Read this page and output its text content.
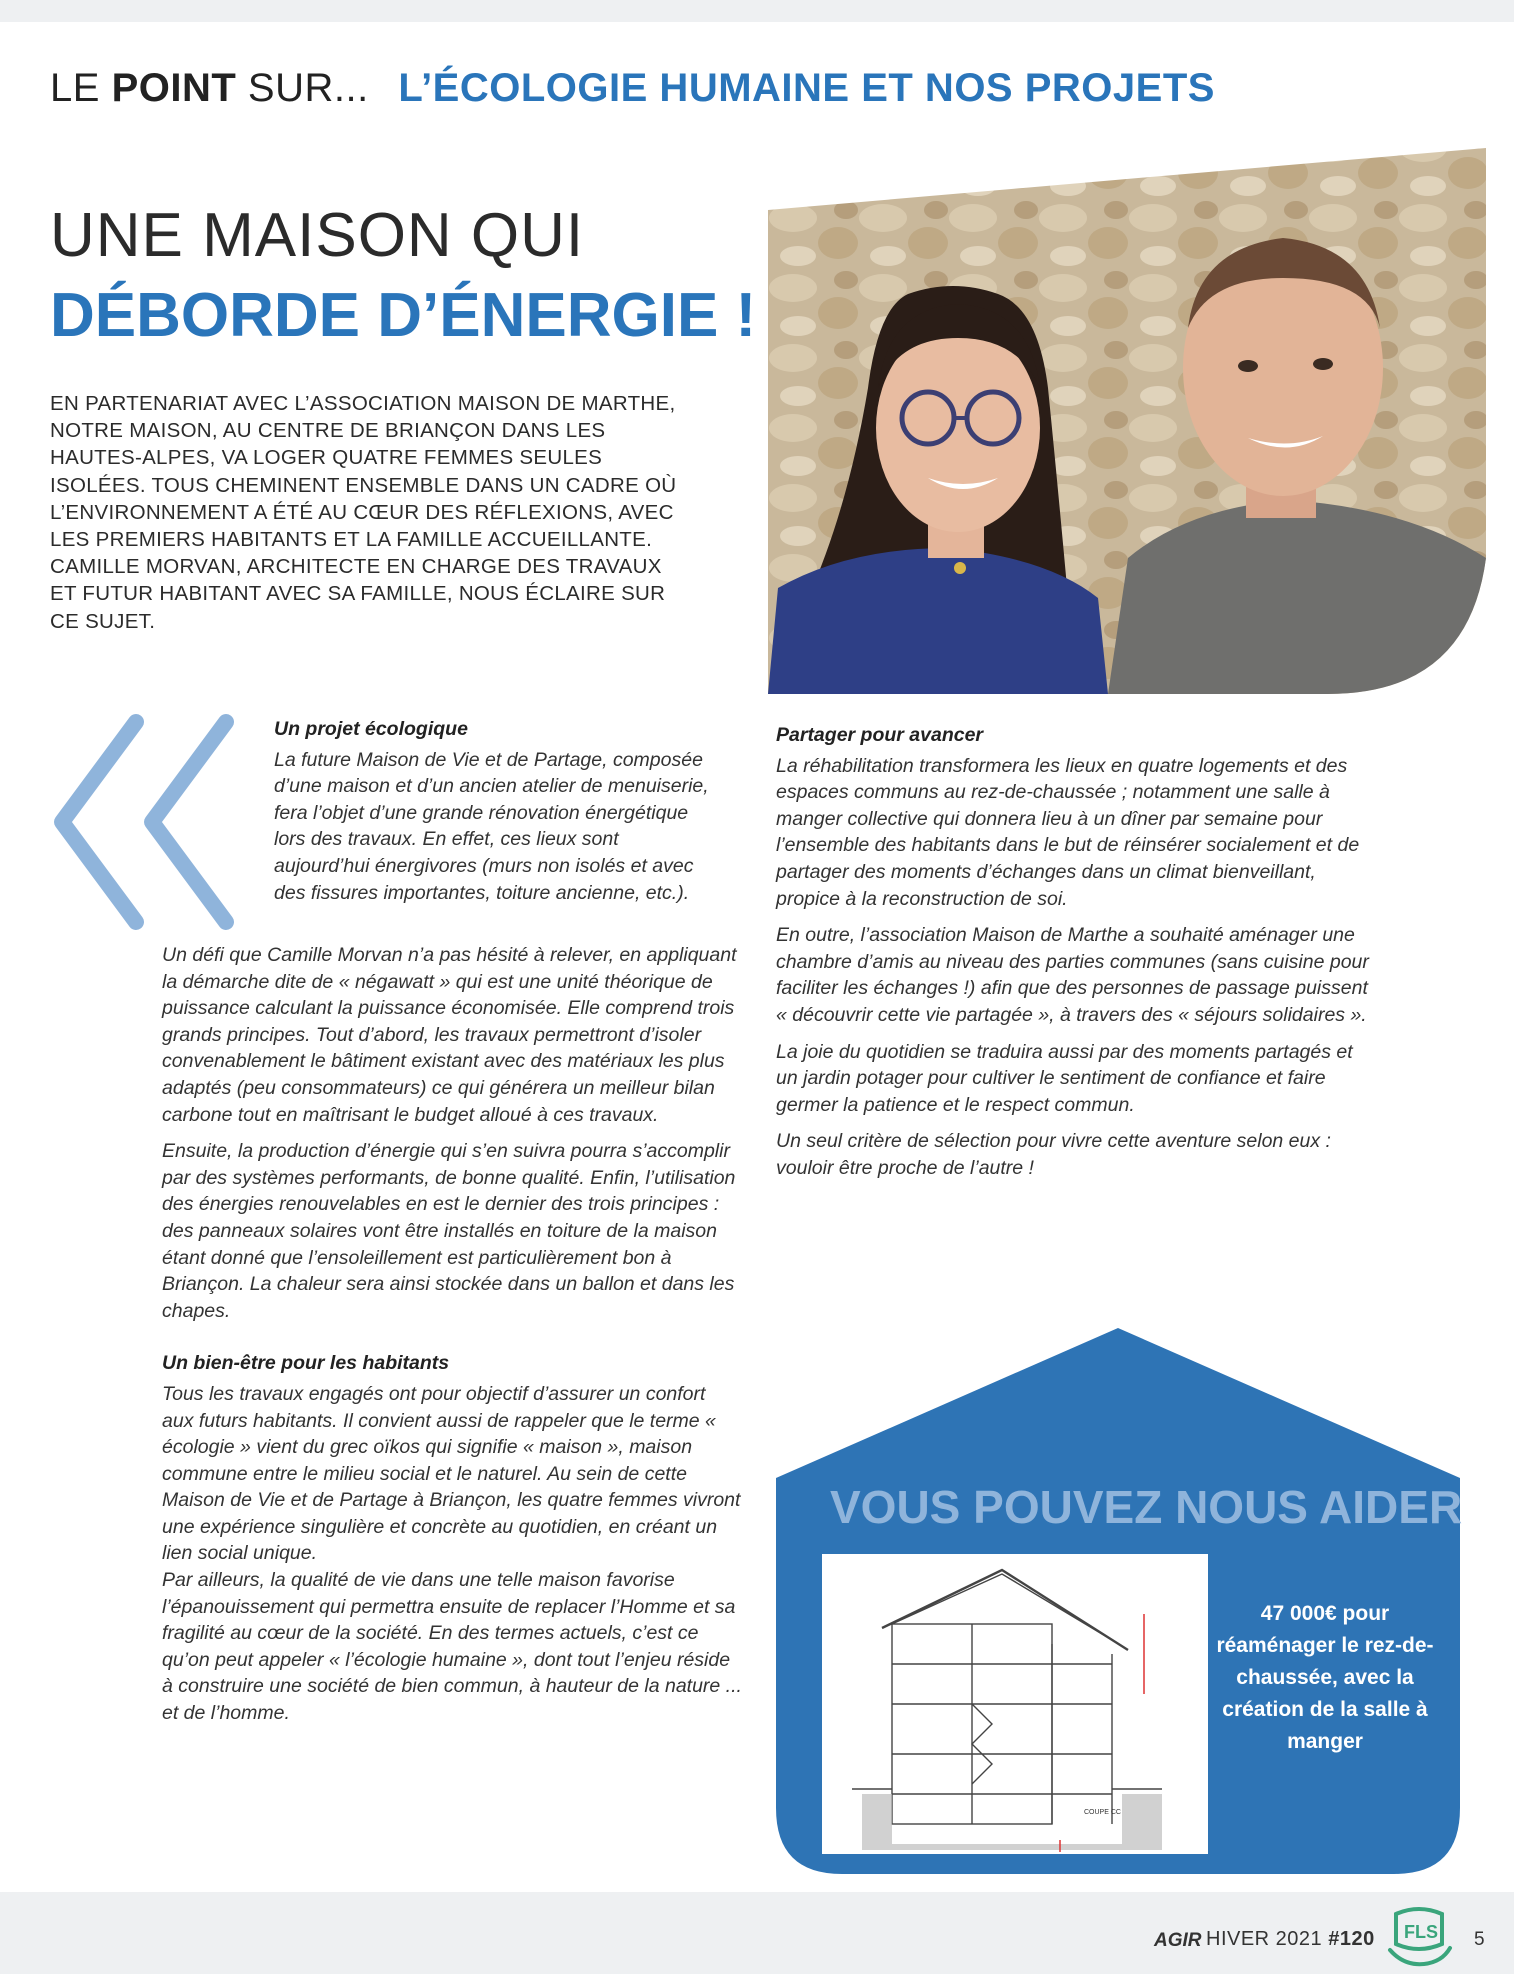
LE POINT SUR... L’ÉCOLOGIE HUMAINE ET NOS PROJETS
UNE MAISON QUI
DÉBORDE D’ÉNERGIE !
EN PARTENARIAT AVEC L’ASSOCIATION MAISON DE MARTHE, NOTRE MAISON, AU CENTRE DE BRIANÇON DANS LES HAUTES-ALPES, VA LOGER QUATRE FEMMES SEULES ISOLÉES. TOUS CHEMINENT ENSEMBLE DANS UN CADRE OÙ L’ENVIRONNEMENT A ÉTÉ AU CŒUR DES RÉFLEXIONS, AVEC LES PREMIERS HABITANTS ET LA FAMILLE ACCUEILLANTE. CAMILLE MORVAN, ARCHITECTE EN CHARGE DES TRAVAUX ET FUTUR HABITANT AVEC SA FAMILLE, NOUS ÉCLAIRE SUR CE SUJET.
Un projet écologique

La future Maison de Vie et de Partage, composée d’une maison et d’un ancien atelier de menuiserie, fera l’objet d’une grande rénovation énergétique lors des travaux. En effet, ces lieux sont aujourd’hui énergivores (murs non isolés et avec des fissures importantes, toiture ancienne, etc.).

Un défi que Camille Morvan n’a pas hésité à relever, en appliquant la démarche dite de « négawatt » qui est une unité théorique de puissance calculant la puissance économisée. Elle comprend trois grands principes. Tout d’abord, les travaux permettront d’isoler convenablement le bâtiment existant avec des matériaux les plus adaptés (peu consommateurs) ce qui générera un meilleur bilan carbone tout en maîtrisant le budget alloué à ces travaux.

Ensuite, la production d’énergie qui s’en suivra pourra s’accomplir par des systèmes performants, de bonne qualité. Enfin, l’utilisation des énergies renouvelables en est le dernier des trois principes : des panneaux solaires vont être installés en toiture de la maison étant donné que l’ensoleillement est particulièrement bon à Briançon. La chaleur sera ainsi stockée dans un ballon et dans les chapes.

Un bien-être pour les habitants

Tous les travaux engagés ont pour objectif d’assurer un confort aux futurs habitants. Il convient aussi de rappeler que le terme « écologie » vient du grec oïkos qui signifie « maison », maison commune entre le milieu social et le naturel. Au sein de cette Maison de Vie et de Partage à Briançon, les quatre femmes vivront une expérience singulière et concrète au quotidien, en créant un lien social unique.

Par ailleurs, la qualité de vie dans une telle maison favorise l’épanouissement qui permettra ensuite de replacer l’Homme et sa fragilité au cœur de la société. En des termes actuels, c’est ce qu’on peut appeler « l’écologie humaine », dont tout l’enjeu réside à construire une société de bien commun, à hauteur de la nature ... et de l’homme.

Partager pour avancer

La réhabilitation transformera les lieux en quatre logements et des espaces communs au rez-de-chaussée ; notamment une salle à manger collective qui donnera lieu à un dîner par semaine pour l’ensemble des habitants dans le but de réinsérer socialement et de partager des moments d’échanges dans un climat bienveillant, propice à la reconstruction de soi.

En outre, l’association Maison de Marthe a souhaité aménager une chambre d’amis au niveau des parties communes (sans cuisine pour faciliter les échanges !) afin que des personnes de passage puissent « découvrir cette vie partagée », à travers des « séjours solidaires ».

La joie du quotidien se traduira aussi par des moments partagés et un jardin potager pour cultiver le sentiment de confiance et faire germer la patience et le respect commun.

Un seul critère de sélection pour vivre cette aventure selon eux : vouloir être proche de l’autre !

VOUS POUVEZ NOUS AIDER
COUPE CC
47 000€ pour réaménager le rez-de-chaussée, avec la création de la salle à manger
AGIR HIVER 2021 #120 FLS 5
